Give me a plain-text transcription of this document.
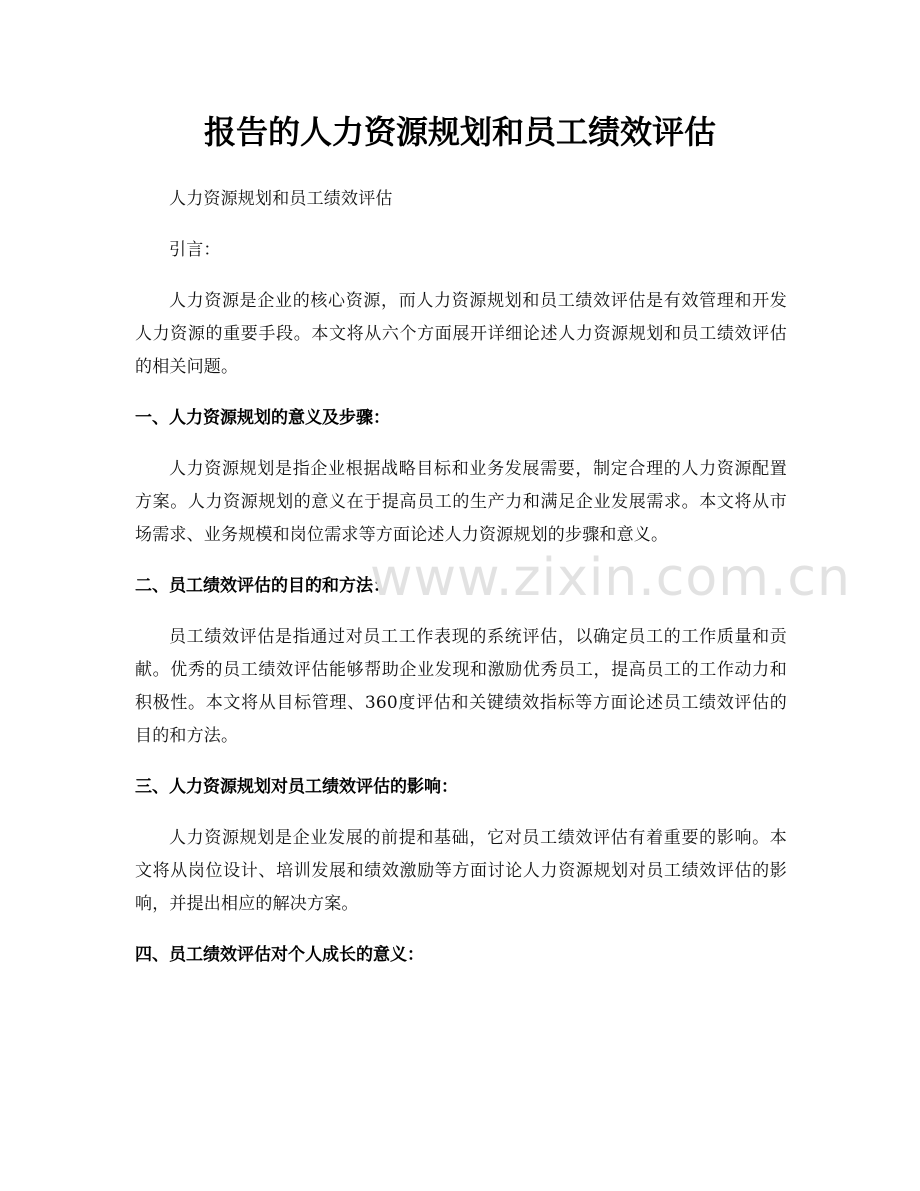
报告的人力资源规划和员工绩效评估

人力资源规划和员工绩效评估

引言：

人力资源是企业的核心资源，而人力资源规划和员工绩效评估是有效管理和开发人力资源的重要手段。本文将从六个方面展开详细论述人力资源规划和员工绩效评估的相关问题。

一、人力资源规划的意义及步骤：

人力资源规划是指企业根据战略目标和业务发展需要，制定合理的人力资源配置方案。人力资源规划的意义在于提高员工的生产力和满足企业发展需求。本文将从市场需求、业务规模和岗位需求等方面论述人力资源规划的步骤和意义。

二、员工绩效评估的目的和方法：

员工绩效评估是指通过对员工工作表现的系统评估，以确定员工的工作质量和贡献。优秀的员工绩效评估能够帮助企业发现和激励优秀员工，提高员工的工作动力和积极性。本文将从目标管理、360度评估和关键绩效指标等方面论述员工绩效评估的目的和方法。

三、人力资源规划对员工绩效评估的影响：

人力资源规划是企业发展的前提和基础，它对员工绩效评估有着重要的影响。本文将从岗位设计、培训发展和绩效激励等方面讨论人力资源规划对员工绩效评估的影响，并提出相应的解决方案。

四、员工绩效评估对个人成长的意义：
www.zixin.com.cn
